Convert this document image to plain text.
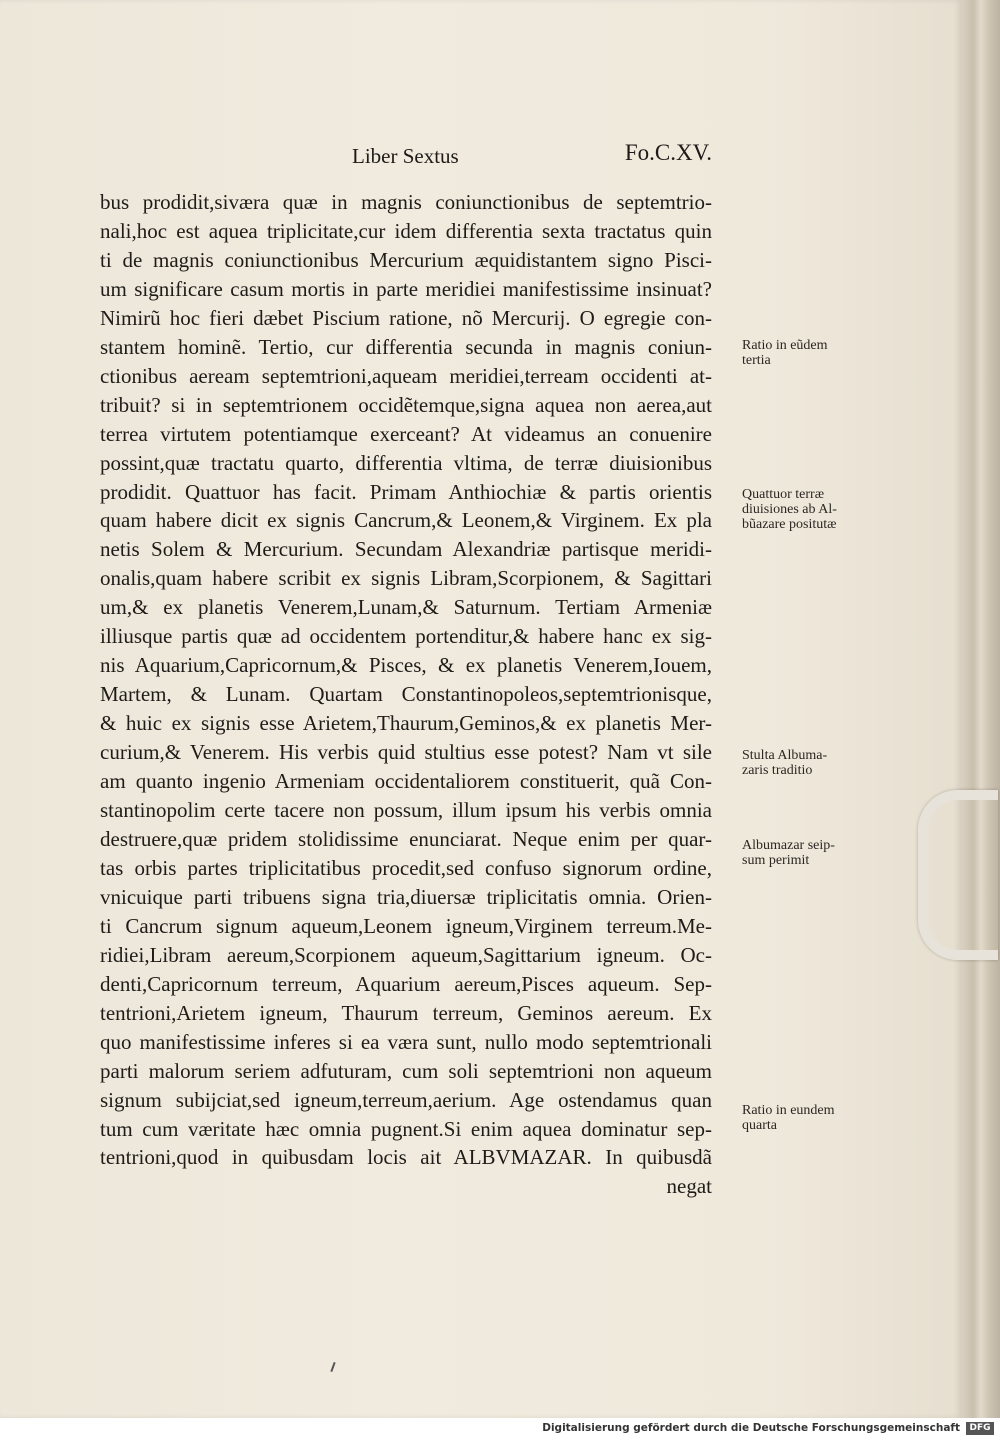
Liber Sextus	Fo.C.XV.
bus prodidit,siværa quæ in magnis coniunctionibus de septemtrio-
nali,hoc est aquea triplicitate,cur idem differentia sexta tractatus quin
ti de magnis coniunctionibus Mercurium æquidistantem signo Pisci-
um significare casum mortis in parte meridiei manifestissime insinuat?
Nimirũ hoc fieri dæbet Piscium ratione, nõ Mercurij. O egregie con-
stantem hominẽ. Tertio, cur differentia secunda in magnis coniun-
ctionibus aeream septemtrioni,aqueam meridiei,terream occidenti at-
tribuit? si in septemtrionem occidẽtemque,signa aquea non aerea,aut
terrea virtutem potentiamque exerceant? At videamus an conuenire
possint,quæ tractatu quarto, differentia vltima, de terræ diuisionibus
prodidit. Quattuor has facit. Primam Anthiochiæ & partis orientis
quam habere dicit ex signis Cancrum,& Leonem,& Virginem. Ex pla
netis Solem & Mercurium. Secundam Alexandriæ partisque meridi-
onalis,quam habere scribit ex signis Libram,Scorpionem, & Sagittari
um,& ex planetis Venerem,Lunam,& Saturnum. Tertiam Armeniæ
illiusque partis quæ ad occidentem portenditur,& habere hanc ex sig-
nis Aquarium,Capricornum,& Pisces, & ex planetis Venerem,Iouem,
Martem, & Lunam. Quartam Constantinopoleos,septemtrionisque,
& huic ex signis esse Arietem,Thaurum,Geminos,& ex planetis Mer-
curium,& Venerem. His verbis quid stultius esse potest? Nam vt sile
am quanto ingenio Armeniam occidentaliorem constituerit, quã Con-
stantinopolim certe tacere non possum, illum ipsum his verbis omnia
destruere,quæ pridem stolidissime enunciarat. Neque enim per quar-
tas orbis partes triplicitatibus procedit,sed confuso signorum ordine,
vnicuique parti tribuens signa tria,diuersæ triplicitatis omnia. Orien-
ti Cancrum signum aqueum,Leonem igneum,Virginem terreum.Me-
ridiei,Libram aereum,Scorpionem aqueum,Sagittarium igneum. Oc-
denti,Capricornum terreum, Aquarium aereum,Pisces aqueum. Sep-
tentrioni,Arietem igneum, Thaurum terreum, Geminos aereum. Ex
quo manifestissime inferes si ea væra sunt, nullo modo septemtrionali
parti malorum seriem adfuturam, cum soli septemtrioni non aqueum
signum subijciat,sed igneum,terreum,aerium. Age ostendamus quan
tum cum væritate hæc omnia pugnent.Si enim aquea dominatur sep-
tentrioni,quod in quibusdam locis ait ALBVMAZAR. In quibusdã
negat
Ratio in eũdem
tertia
Quattuor terræ
diuisiones ab Al-
bũazare positutæ
Stulta Albuma-
zaris traditio
Albumazar seip-
sum perimit
Ratio in eundem
quarta
Digitalisierung gefördert durch die Deutsche Forschungsgemeinschaft	DFG
